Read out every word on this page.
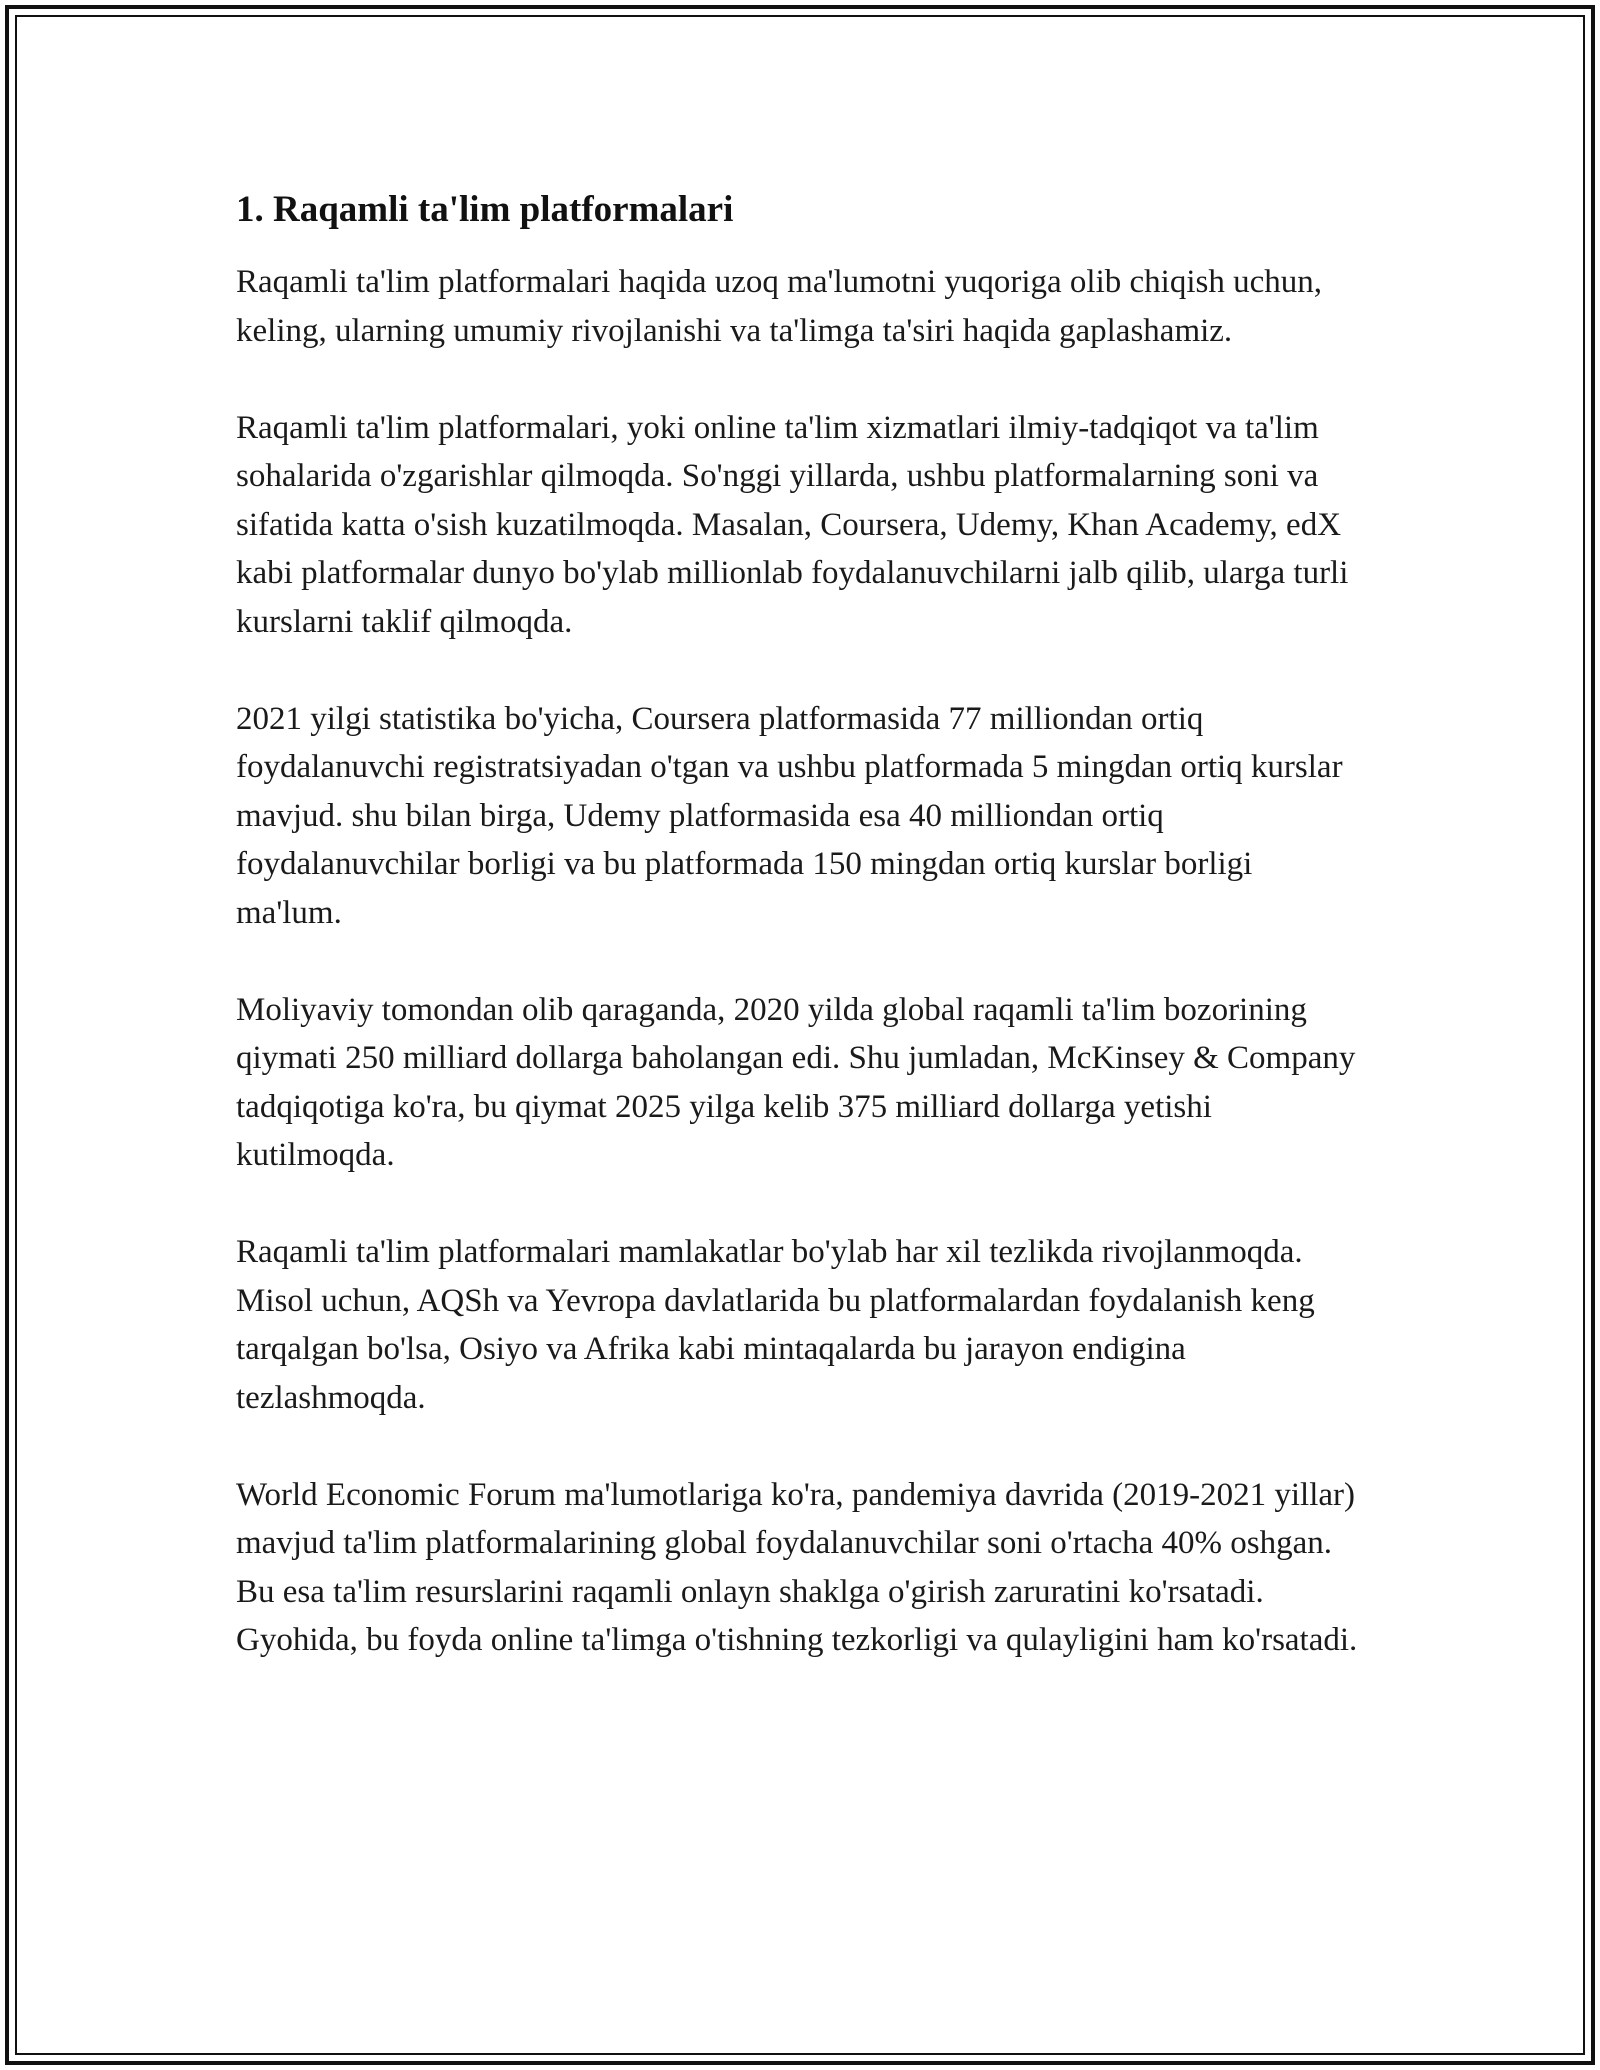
1. Raqamli ta'lim platformalari

Raqamli ta'lim platformalari haqida uzoq ma'lumotni yuqoriga olib chiqish uchun, keling, ularning umumiy rivojlanishi va ta'limga ta'siri haqida gaplashamiz.

Raqamli ta'lim platformalari, yoki online ta'lim xizmatlari ilmiy-tadqiqot va ta'lim sohalarida o'zgarishlar qilmoqda. So'nggi yillarda, ushbu platformalarning soni va sifatida katta o'sish kuzatilmoqda. Masalan, Coursera, Udemy, Khan Academy, edX kabi platformalar dunyo bo'ylab millionlab foydalanuvchilarni jalb qilib, ularga turli kurslarni taklif qilmoqda.

2021 yilgi statistika bo'yicha, Coursera platformasida 77 milliondan ortiq foydalanuvchi registratsiyadan o'tgan va ushbu platformada 5 mingdan ortiq kurslar mavjud. shu bilan birga, Udemy platformasida esa 40 milliondan ortiq foydalanuvchilar borligi va bu platformada 150 mingdan ortiq kurslar borligi ma'lum.

Moliyaviy tomondan olib qaraganda, 2020 yilda global raqamli ta'lim bozorining qiymati 250 milliard dollarga baholangan edi. Shu jumladan, McKinsey & Company tadqiqotiga ko'ra, bu qiymat 2025 yilga kelib 375 milliard dollarga yetishi kutilmoqda.

Raqamli ta'lim platformalari mamlakatlar bo'ylab har xil tezlikda rivojlanmoqda. Misol uchun, AQSh va Yevropa davlatlarida bu platformalardan foydalanish keng tarqalgan bo'lsa, Osiyo va Afrika kabi mintaqalarda bu jarayon endigina tezlashmoqda.

World Economic Forum ma'lumotlariga ko'ra, pandemiya davrida (2019-2021 yillar) mavjud ta'lim platformalarining global foydalanuvchilar soni o'rtacha 40% oshgan. Bu esa ta'lim resurslarini raqamli onlayn shaklga o'girish zaruratini ko'rsatadi. Gyohida, bu foyda online ta'limga o'tishning tezkorligi va qulayligini ham ko'rsatadi.
